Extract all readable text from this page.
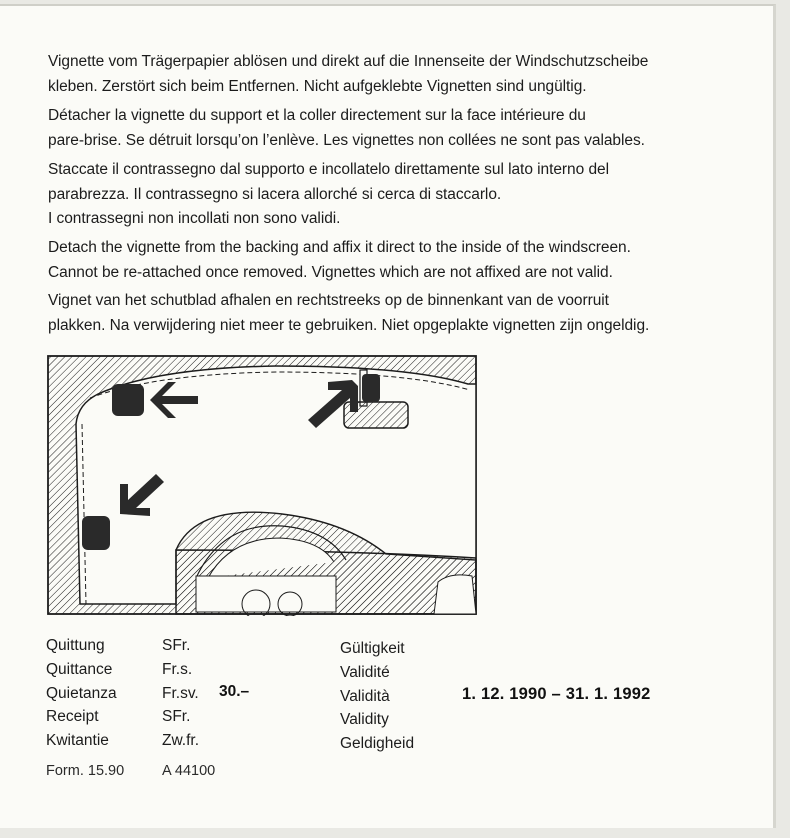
Vignette vom Trägerpapier ablösen und direkt auf die Innenseite der Windschutzscheibe

kleben. Zerstört sich beim Entfernen. Nicht aufgeklebte Vignetten sind ungültig.

Détacher la vignette du support et la coller directement sur la face intérieure du

pare-brise. Se détruit lorsqu’on l’enlève. Les vignettes non collées ne sont pas valables.

Staccate il contrassegno dal supporto e incollatelo direttamente sul lato interno del

parabrezza. Il contrassegno si lacera allorché si cerca di staccarlo.

I contrassegni non incollati non sono validi.

Detach the vignette from the backing and affix it direct to the inside of the windscreen.

Cannot be re-attached once removed. Vignettes which are not affixed are not valid.

Vignet van het schutblad afhalen en rechtstreeks op de binnenkant van de voorruit

plakken. Na verwijdering niet meer te gebruiken. Niet opgeplakte vignetten zijn ongeldig.

Quittung
Quittance
Quietanza
Receipt
Kwitantie
SFr.
Fr.s.
Fr.sv.
SFr.
Zw.fr.
30.–
Gültigkeit
Validité
Validità
Validity
Geldigheid
1. 12. 1990 – 31. 1. 1992
Form. 15.90	A 44100
